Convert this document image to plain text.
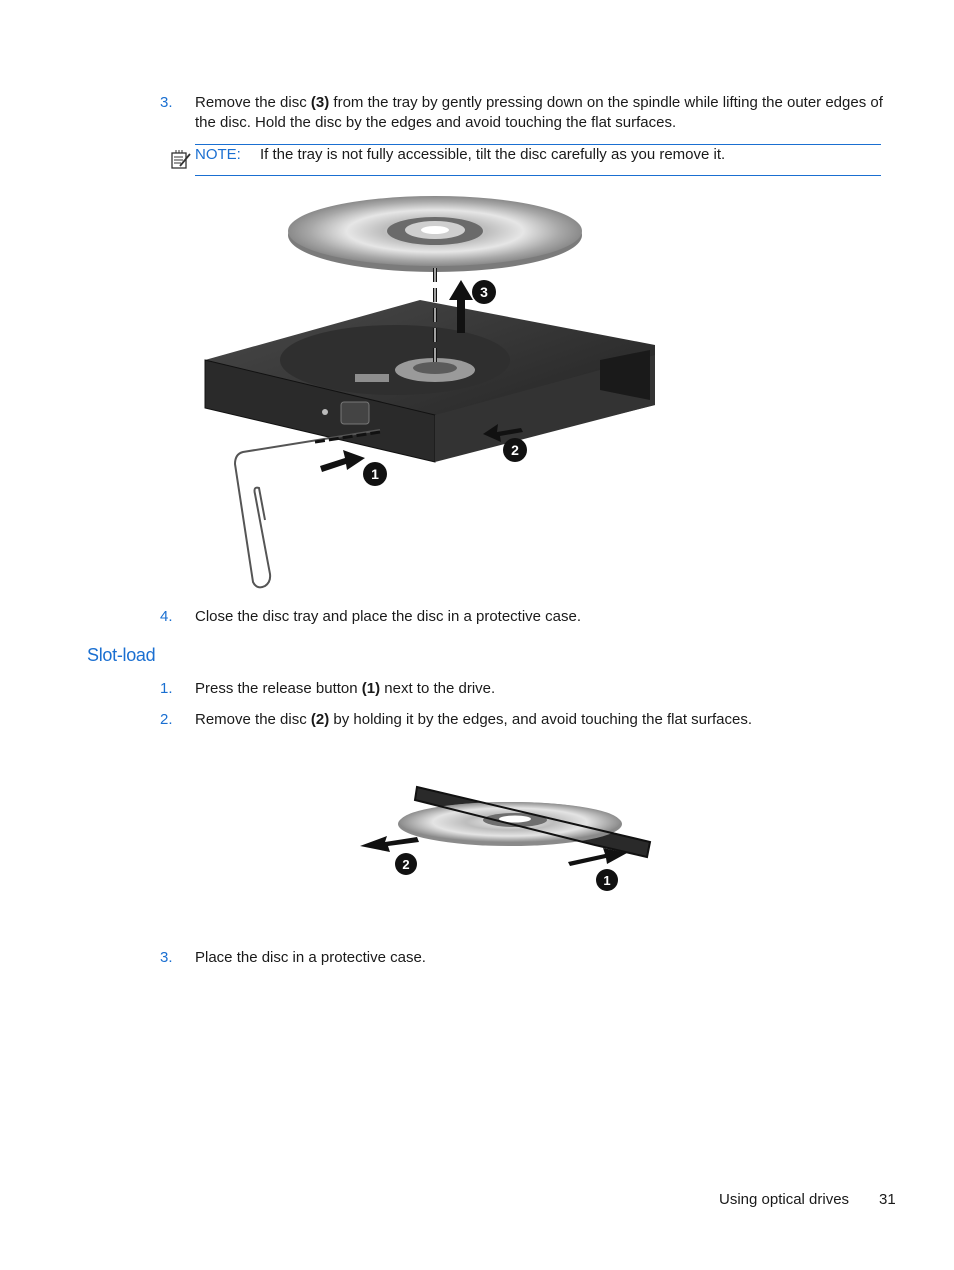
3. Remove the disc (3) from the tray by gently pressing down on the spindle while lifting the outer edges of the disc. Hold the disc by the edges and avoid touching the flat surfaces.
NOTE: If the tray is not fully accessible, tilt the disc carefully as you remove it.
3
2
1
4. Close the disc tray and place the disc in a protective case.
Slot-load
1. Press the release button (1) next to the drive.
2. Remove the disc (2) by holding it by the edges, and avoid touching the flat surfaces.
2
1
3. Place the disc in a protective case.
Using optical drives 31
